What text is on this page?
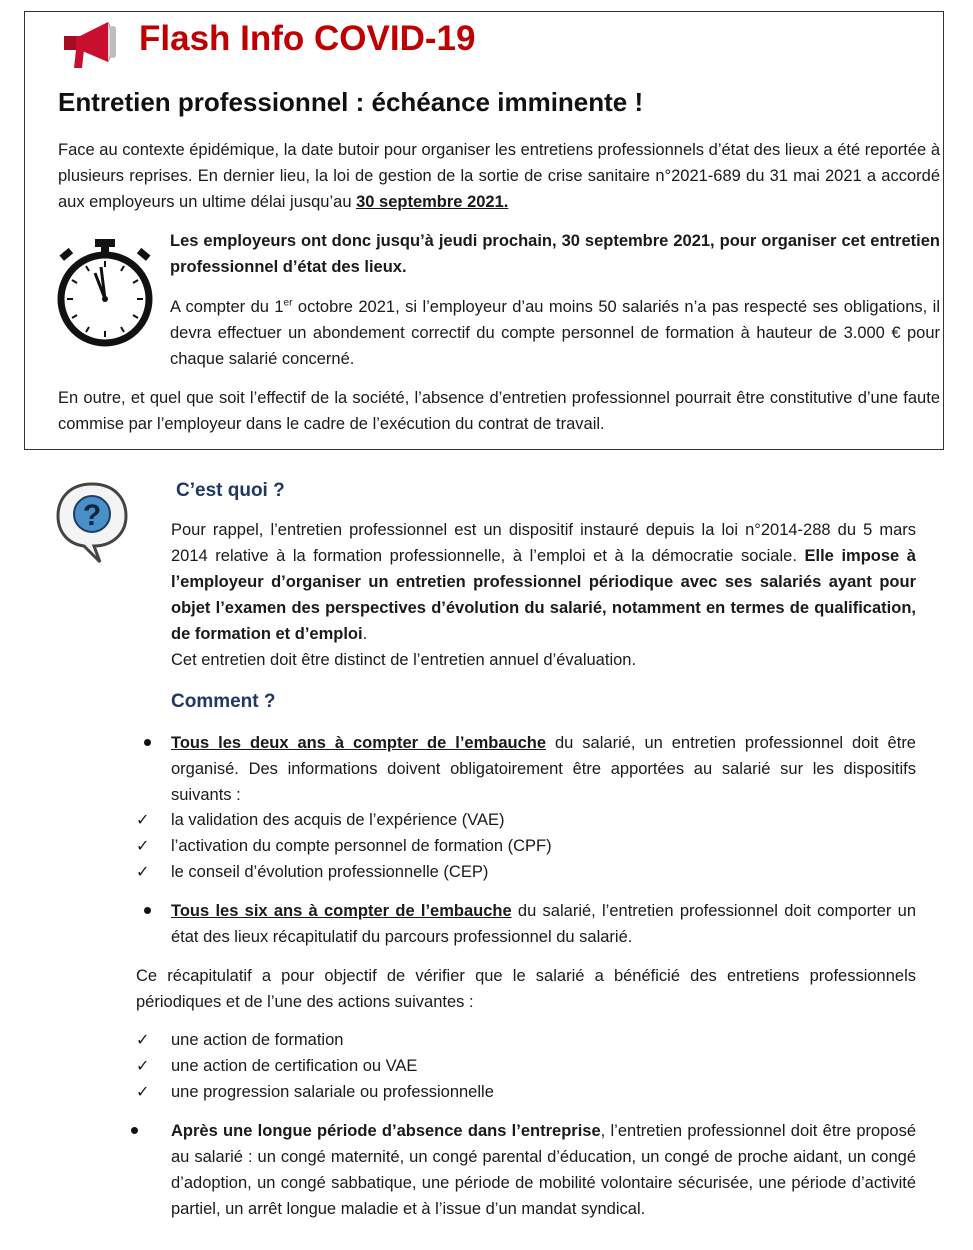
Flash Info COVID-19
Entretien professionnel : échéance imminente !

Face au contexte épidémique, la date butoir pour organiser les entretiens professionnels d’état des lieux a été reportée à plusieurs reprises. En dernier lieu, la loi de gestion de la sortie de crise sanitaire n°2021-689 du 31 mai 2021 a accordé aux employeurs un ultime délai jusqu’au 30 septembre 2021.

Les employeurs ont donc jusqu’à jeudi prochain, 30 septembre 2021, pour organiser cet entretien professionnel d’état des lieux.

A compter du 1er octobre 2021, si l’employeur d’au moins 50 salariés n’a pas respecté ses obligations, il devra effectuer un abondement correctif du compte personnel de formation à hauteur de 3.000 € pour chaque salarié concerné.

En outre, et quel que soit l’effectif de la société, l’absence d’entretien professionnel pourrait être constitutive d’une faute commise par l’employeur dans le cadre de l’exécution du contrat de travail.

?
C’est quoi ?

Pour rappel, l’entretien professionnel est un dispositif instauré depuis la loi n°2014-288 du 5 mars 2014 relative à la formation professionnelle, à l’emploi et à la démocratie sociale. Elle impose à l’employeur d’organiser un entretien professionnel périodique avec ses salariés ayant pour objet l’examen des perspectives d’évolution du salarié, notamment en termes de qualification, de formation et d’emploi.
Cet entretien doit être distinct de l’entretien annuel d’évaluation.

Comment ?

Tous les deux ans à compter de l’embauche du salarié, un entretien professionnel doit être organisé. Des informations doivent obligatoirement être apportées au salarié sur les dispositifs suivants :

✓ la validation des acquis de l’expérience (VAE)

✓ l’activation du compte personnel de formation (CPF)

✓ le conseil d’évolution professionnelle (CEP)

Tous les six ans à compter de l’embauche du salarié, l’entretien professionnel doit comporter un état des lieux récapitulatif du parcours professionnel du salarié.

Ce récapitulatif a pour objectif de vérifier que le salarié a bénéficié des entretiens professionnels périodiques et de l’une des actions suivantes :

✓ une action de formation

✓ une action de certification ou VAE

✓ une progression salariale ou professionnelle

Après une longue période d’absence dans l’entreprise, l’entretien professionnel doit être proposé au salarié : un congé maternité, un congé parental d’éducation, un congé de proche aidant, un congé d’adoption, un congé sabbatique, une période de mobilité volontaire sécurisée, une période d’activité partiel, un arrêt longue maladie et à l’issue d’un mandat syndical.
